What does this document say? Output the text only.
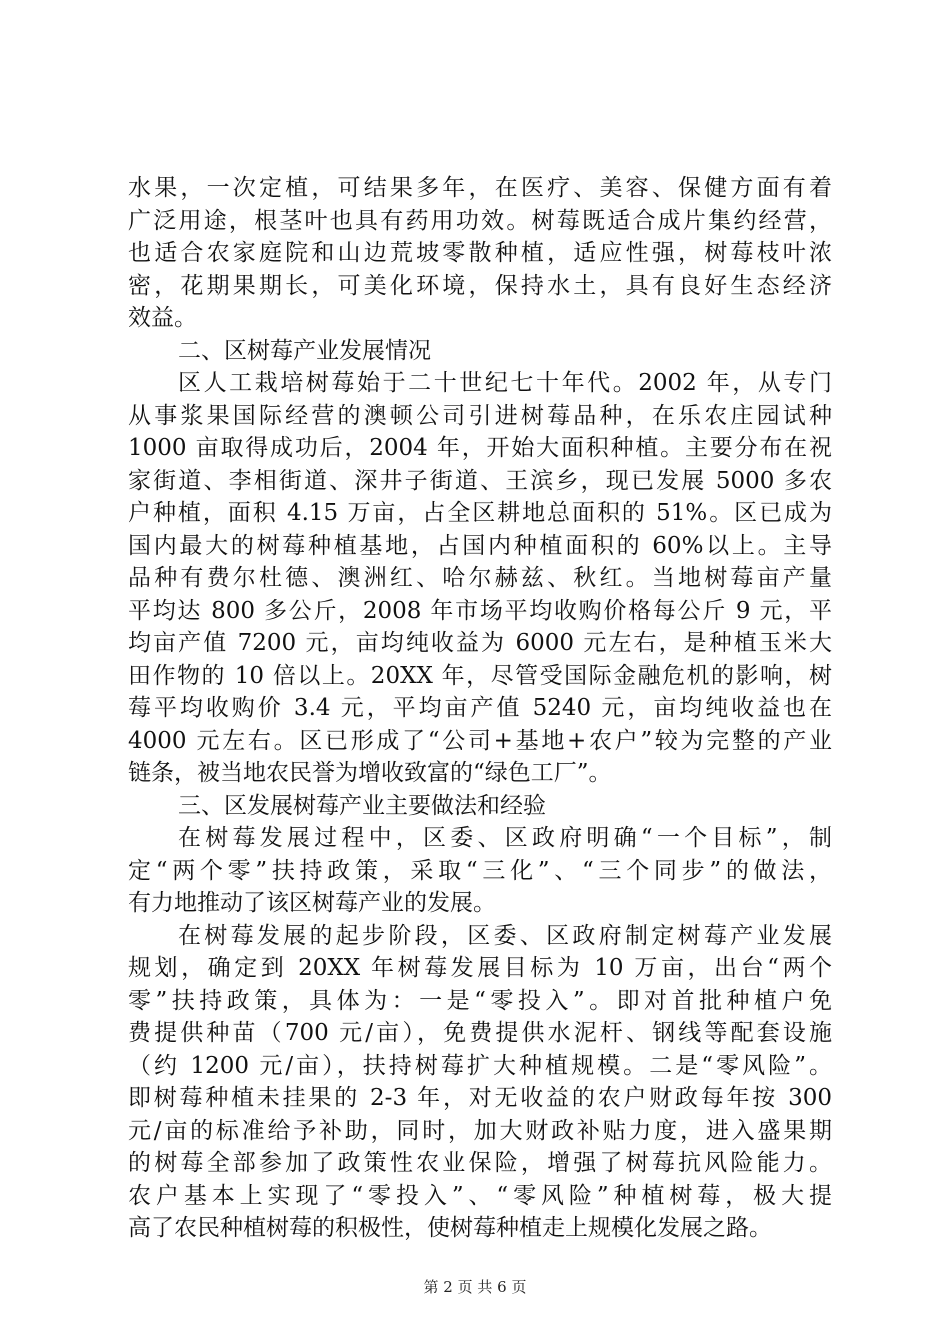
水果，一次定植，可结果多年，在医疗、美容、保健方面有着
广泛用途，根茎叶也具有药用功效。树莓既适合成片集约经营，
也适合农家庭院和山边荒坡零散种植，适应性强，树莓枝叶浓
密，花期果期长，可美化环境，保持水土，具有良好生态经济
效益。
二、区树莓产业发展情况
区人工栽培树莓始于二十世纪七十年代。2002 年，从专门
从事浆果国际经营的澳顿公司引进树莓品种，在乐农庄园试种
1000 亩取得成功后，2004 年，开始大面积种植。主要分布在祝
家街道、李相街道、深井子街道、王滨乡，现已发展 5000 多农
户种植，面积 4.15 万亩，占全区耕地总面积的 51%。区已成为
国内最大的树莓种植基地，占国内种植面积的 60%以上。主导
品种有费尔杜德、澳洲红、哈尔赫兹、秋红。当地树莓亩产量
平均达 800 多公斤，2008 年市场平均收购价格每公斤 9 元，平
均亩产值 7200 元，亩均纯收益为 6000 元左右，是种植玉米大
田作物的 10 倍以上。20XX 年，尽管受国际金融危机的影响，树
莓平均收购价 3.4 元，平均亩产值 5240 元，亩均纯收益也在
4000 元左右。区已形成了“公司+基地+农户”较为完整的产业
链条，被当地农民誉为增收致富的“绿色工厂”。
三、区发展树莓产业主要做法和经验
在树莓发展过程中，区委、区政府明确“一个目标”，制
定“两个零”扶持政策，采取“三化”、“三个同步”的做法，
有力地推动了该区树莓产业的发展。
在树莓发展的起步阶段，区委、区政府制定树莓产业发展
规划，确定到 20XX 年树莓发展目标为 10 万亩，出台“两个
零”扶持政策，具体为：一是“零投入”。即对首批种植户免
费提供种苗（700 元/亩），免费提供水泥杆、钢线等配套设施
（约 1200 元/亩），扶持树莓扩大种植规模。二是“零风险”。
即树莓种植未挂果的 2-3 年，对无收益的农户财政每年按 300
元/亩的标准给予补助，同时，加大财政补贴力度，进入盛果期
的树莓全部参加了政策性农业保险，增强了树莓抗风险能力。
农户基本上实现了“零投入”、“零风险”种植树莓，极大提
高了农民种植树莓的积极性，使树莓种植走上规模化发展之路。
第 2 页 共 6 页
